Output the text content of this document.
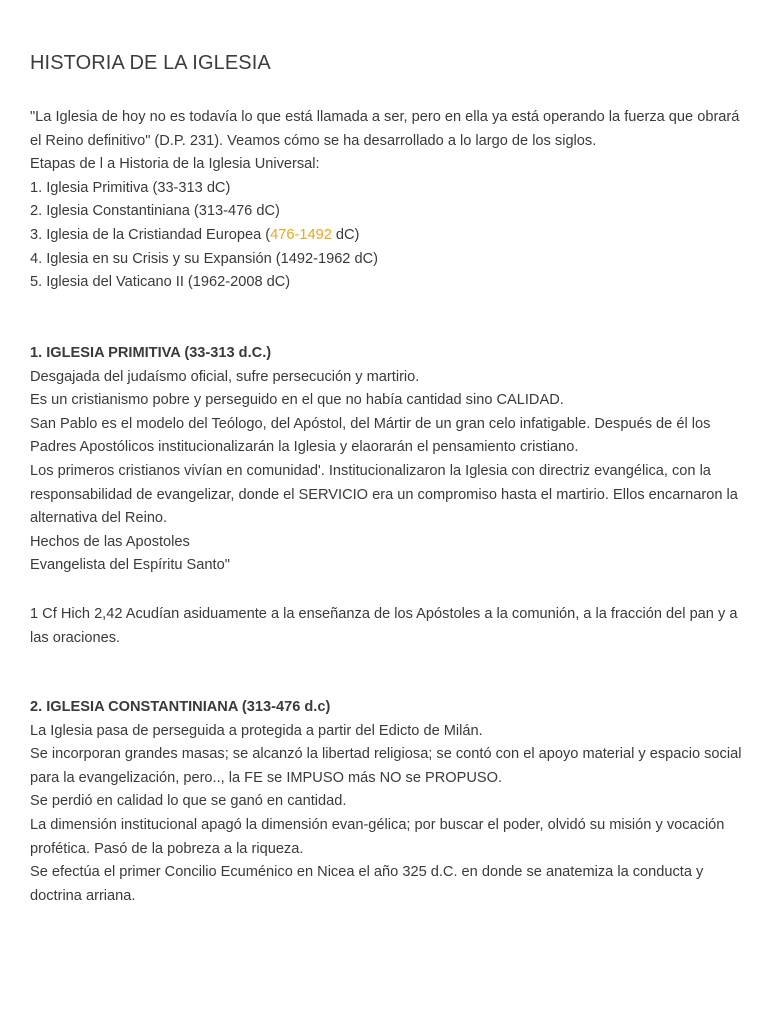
HISTORIA DE LA IGLESIA

"La Iglesia de hoy no es todavía lo que está llamada a ser, pero en ella ya está operando la fuerza que obrará el Reino definitivo" (D.P. 231). Veamos cómo se ha desarrollado a lo largo de los siglos.

Etapas de l a Historia de la Iglesia Universal:

1. Iglesia Primitiva (33-313 dC)

2. Iglesia Constantiniana (313-476 dC)

3. Iglesia de la Cristiandad Europea (476-1492 dC)

4. Iglesia en su Crisis y su Expansión (1492-1962 dC)

5. Iglesia del Vaticano II (1962-2008 dC)

1. IGLESIA PRIMITIVA (33-313 d.C.)

Desgajada del judaísmo oficial, sufre persecución y martirio.

Es un cristianismo pobre y perseguido en el que no había cantidad sino CALIDAD.

San Pablo es el modelo del Teólogo, del Apóstol, del Mártir de un gran celo infatigable. Después de él los Padres Apostólicos institucionalizarán la Iglesia y elaorarán el pensamiento cristiano.

Los primeros cristianos vivían en comunidad'. Institucionalizaron la Iglesia con directriz evangélica, con la responsabilidad de evangelizar, donde el SERVICIO era un compromiso hasta el martirio. Ellos encarnaron la alternativa del Reino.

Hechos de las Apostoles

Evangelista del Espíritu Santo"

1 Cf Hich 2,42 Acudían asiduamente a la enseñanza de los Apóstoles a la comunión, a la fracción del pan y a las oraciones.

2. IGLESIA CONSTANTINIANA (313-476 d.c)

La Iglesia pasa de perseguida a protegida a partir del Edicto de Milán.

Se incorporan grandes masas; se alcanzó la libertad religiosa; se contó con el apoyo material y espacio social para la evangelización, pero.., la FE se IMPUSO más NO se PROPUSO.

Se perdió en calidad lo que se ganó en cantidad.

La dimensión institucional apagó la dimensión evan-gélica; por buscar el poder, olvidó su misión y vocación profética. Pasó de la pobreza a la riqueza.

Se efectúa el primer Concilio Ecuménico en Nicea el año 325 d.C. en donde se anatemiza la conducta y doctrina arriana.
